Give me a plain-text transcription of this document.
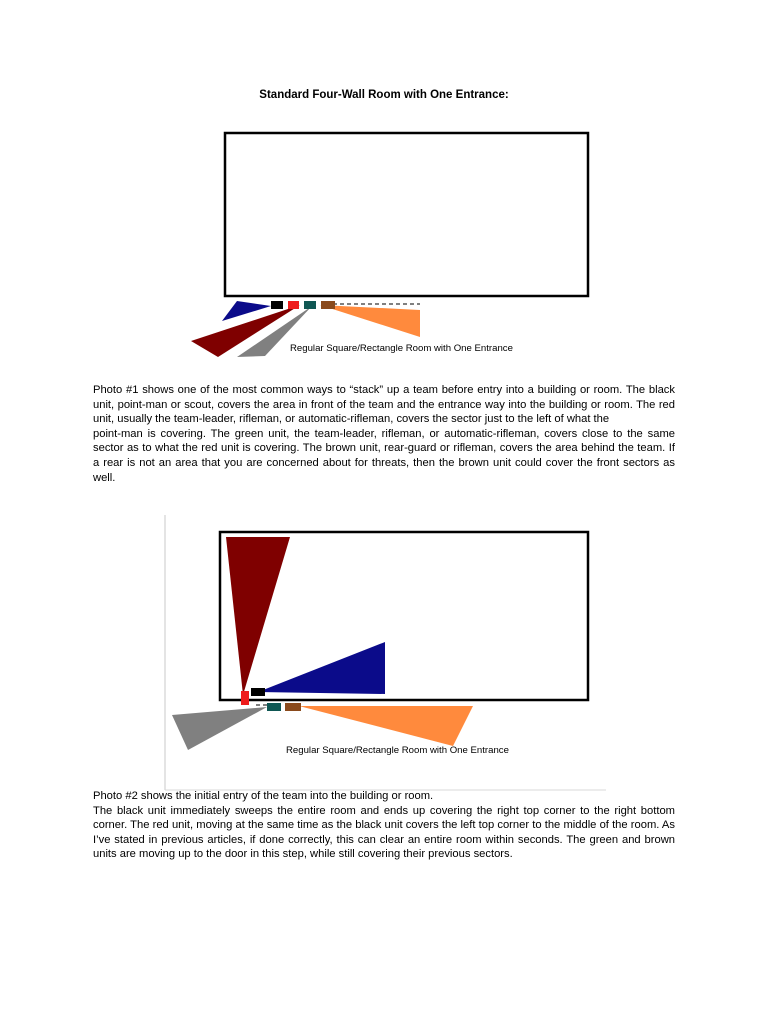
Standard Four-Wall Room with One Entrance:
Regular Square/Rectangle Room with One Entrance

Photo #1 shows one of the most common ways to “stack” up a team before entry into a building or room. The black unit, point-man or scout, covers the area in front of the team and the entrance way into the building or room. The red unit, usually the team-leader, rifleman, or automatic-rifleman, covers the sector just to the left of what the

point-man is covering. The green unit, the team-leader, rifleman, or automatic-rifleman, covers close to the same sector as to what the red unit is covering. The brown unit, rear-guard or rifleman, covers the area behind the team. If a rear is not an area that you are concerned about for threats, then the brown unit could cover the front sectors as well.

Regular Square/Rectangle Room with One Entrance

Photo #2 shows the initial entry of the team into the building or room.

The black unit immediately sweeps the entire room and ends up covering the right top corner to the right bottom corner. The red unit, moving at the same time as the black unit covers the left top corner to the middle of the room. As I’ve stated in previous articles, if done correctly, this can clear an entire room within seconds. The green and brown units are moving up to the door in this step, while still covering their previous sectors.
